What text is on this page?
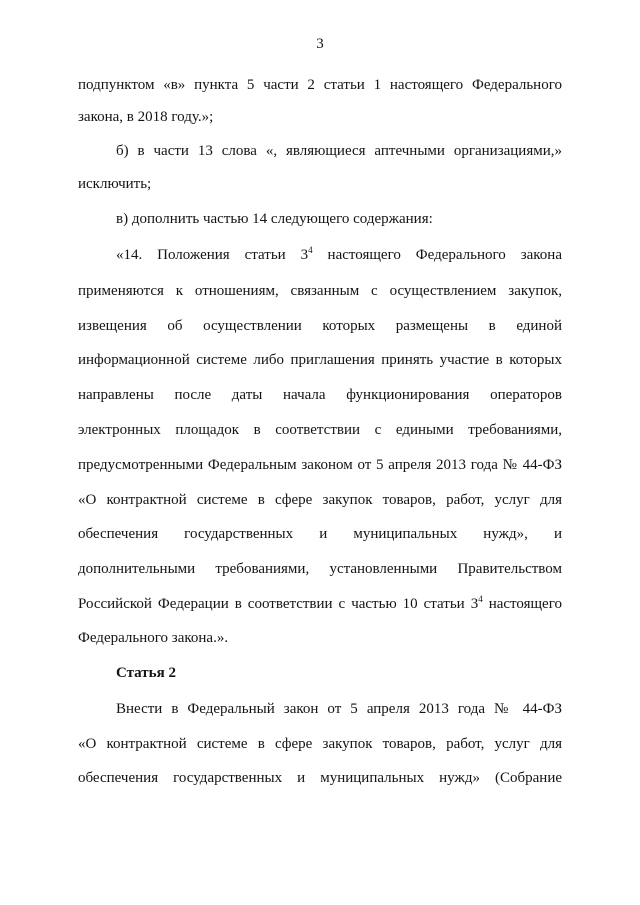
3
подпунктом «в» пункта 5 части 2 статьи 1 настоящего Федерального
закона, в 2018 году.»;
б) в части 13 слова «, являющиеся аптечными организациями,»
исключить;
в) дополнить частью 14 следующего содержания:
«14. Положения статьи $3^4$ настоящего Федерального закона
применяются к отношениям, связанным с осуществлением закупок,
извещения об осуществлении которых размещены в единой
информационной системе либо приглашения принять участие в которых
направлены после даты начала функционирования операторов
электронных площадок в соответствии с едиными требованиями,
предусмотренными Федеральным законом от 5 апреля 2013 года № 44-ФЗ
«О контрактной системе в сфере закупок товаров, работ, услуг для
обеспечения государственных и муниципальных нужд», и
дополнительными требованиями, установленными Правительством
Российской Федерации в соответствии с частью 10 статьи $3^4$ настоящего
Федерального закона.».
Статья 2
Внести в Федеральный закон от 5 апреля 2013 года № 44-ФЗ
«О контрактной системе в сфере закупок товаров, работ, услуг для
обеспечения государственных и муниципальных нужд» (Собрание
